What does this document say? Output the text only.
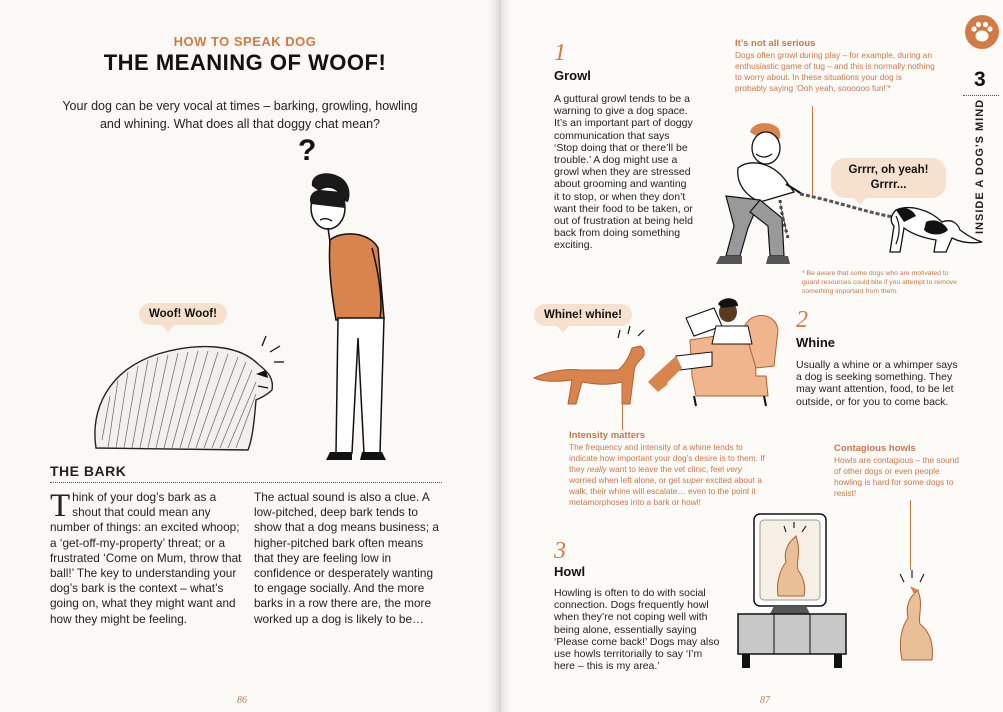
HOW TO SPEAK DOG
THE MEANING OF WOOF!
Your dog can be very vocal at times – barking, growling, howling and whining. What does all that doggy chat mean?
?
Woof! Woof!
THE BARK
Think of your dog’s bark as a shout that could mean any number of things: an excited whoop; a ‘get-off-my-property’ threat; or a frustrated ‘Come on Mum, throw that ball!’ The key to understanding your dog’s bark is the context – what’s going on, what they might want and how they might be feeling.
The actual sound is also a clue. A low-pitched, deep bark tends to show that a dog means business; a higher-pitched bark often means that they are feeling low in confidence or desperately wanting to engage socially. And the more barks in a row there are, the more worked up a dog is likely to be…
86
3
INSIDE A DOG'S MIND
1
Growl
A guttural growl tends to be a warning to give a dog space. It’s an important part of doggy communication that says ‘Stop doing that or there’ll be trouble.’ A dog might use a growl when they are stressed about grooming and wanting it to stop, or when they don’t want their food to be taken, or out of frustration at being held back from doing something exciting.
It’s not all serious
Dogs often growl during play – for example, during an enthusiastic game of tug – and this is normally nothing to worry about. In these situations your dog is probably saying ‘Ooh yeah, soooooo fun!’*
Grrrr, oh yeah! Grrrr...
* Be aware that some dogs who are motivated to guard resources could bite if you attempt to remove something important from them.
Whine! whine!	2
Whine
Usually a whine or a whimper says a dog is seeking something. They may want attention, food, to be let outside, or for you to come back.
Intensity matters
The frequency and intensity of a whine tends to indicate how important your dog’s desire is to them. If they really want to leave the vet clinic, feel very worried when left alone, or get super excited about a walk, their whine will escalate… even to the point it metamorphoses into a bark or howl!
Contagious howls
Howls are contagious – the sound of other dogs or even people howling is hard for some dogs to resist!
3
Howl
Howling is often to do with social connection. Dogs frequently howl when they’re not coping well with being alone, essentially saying ‘Please come back!’ Dogs may also use howls territorially to say ‘I’m here – this is my area.’
87
